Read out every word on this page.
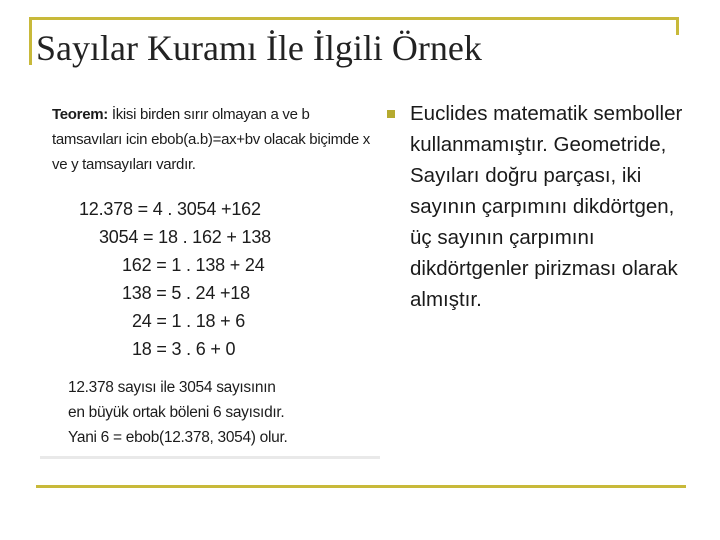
Sayılar Kuramı İle İlgili Örnek
Teorem: İkisi birden sırır olmayan a ve b tamsavıları icin ebob(a.b)=ax+bv olacak biçimde x ve y tamsayıları vardır.
12.378 = 4 . 3054 +162
3054 = 18 . 162 + 138
162 = 1 . 138 + 24
138 = 5 . 24 +18
24 = 1 . 18 + 6
18 = 3 . 6 + 0
12.378 sayısı ile 3054 sayısının
en büyük ortak böleni 6 sayısıdır.
Yani 6 = ebob(12.378, 3054) olur.
Euclides matematik semboller kullanmamıştır. Geometride, Sayıları doğru parçası, iki sayının çarpımını dikdörtgen, üç sayının çarpımını dikdörtgenler pirizması olarak almıştır.
